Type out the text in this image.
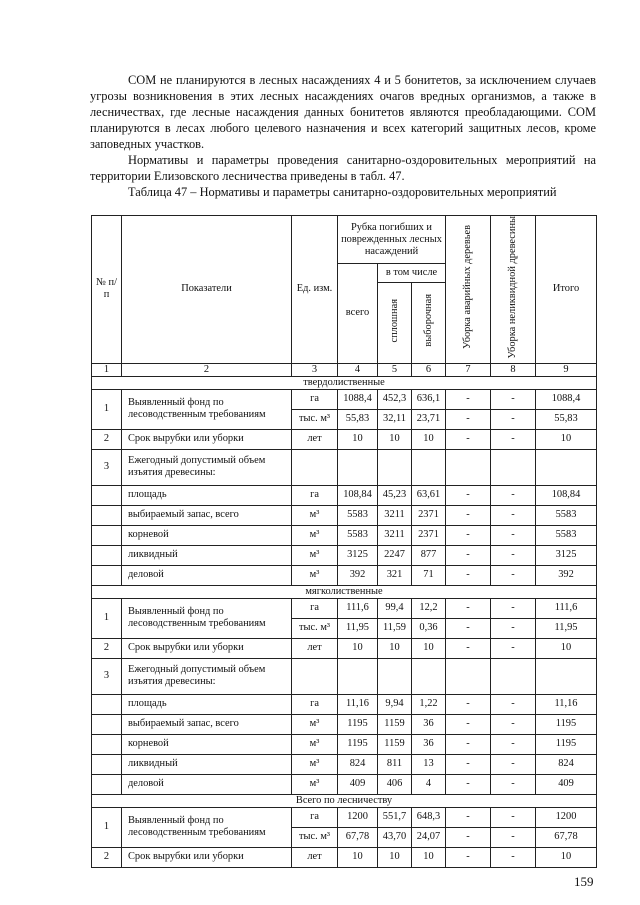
СОМ не планируются в лесных насаждениях 4 и 5 бонитетов, за исключением случаев угрозы возникновения в этих лесных насаждениях очагов вредных организмов, а также в лесничествах, где лесные насаждения данных бонитетов являются преобладающими. СОМ планируются в лесах любого целевого назначения и всех категорий защитных лесов, кроме заповедных участков.

Нормативы и параметры проведения санитарно-оздоровительных мероприятий на территории Елизовского лесничества приведены в табл. 47.

Таблица 47 – Нормативы и параметры санитарно-оздоровительных мероприятий

№ п/п	Показатели	Ед. изм.	Рубка погибших и поврежденных лесных насаждений			Уборка аварийных деревьев	Уборка неликвидной древесины	Итого
			всего	в том числе				
				сплошная	выборочная			
1	2	3	4	5	6	7	8	9
твердолиственные								
1	Выявленный фонд по лесоводственным требованиям	га	1088,4	452,3	636,1	-	-	1088,4
		тыс. м³	55,83	32,11	23,71	-	-	55,83
2	Срок вырубки или уборки	лет	10	10	10	-	-	10
3	Ежегодный допустимый объем изъятия древесины:							
	площадь	га	108,84	45,23	63,61	-	-	108,84
	выбираемый запас, всего	м³	5583	3211	2371	-	-	5583
	корневой	м³	5583	3211	2371	-	-	5583
	ликвидный	м³	3125	2247	877	-	-	3125
	деловой	м³	392	321	71	-	-	392
мягколиственные								
1	Выявленный фонд по лесоводственным требованиям	га	111,6	99,4	12,2	-	-	111,6
		тыс. м³	11,95	11,59	0,36	-	-	11,95
2	Срок вырубки или уборки	лет	10	10	10	-	-	10
3	Ежегодный допустимый объем изъятия древесины:							
	площадь	га	11,16	9,94	1,22	-	-	11,16
	выбираемый запас, всего	м³	1195	1159	36	-	-	1195
	корневой	м³	1195	1159	36	-	-	1195
	ликвидный	м³	824	811	13	-	-	824
	деловой	м³	409	406	4	-	-	409
Всего по лесничеству								
1	Выявленный фонд по лесоводственным требованиям	га	1200	551,7	648,3	-	-	1200
		тыс. м³	67,78	43,70	24,07	-	-	67,78
2	Срок вырубки или уборки	лет	10	10	10	-	-	10
159
